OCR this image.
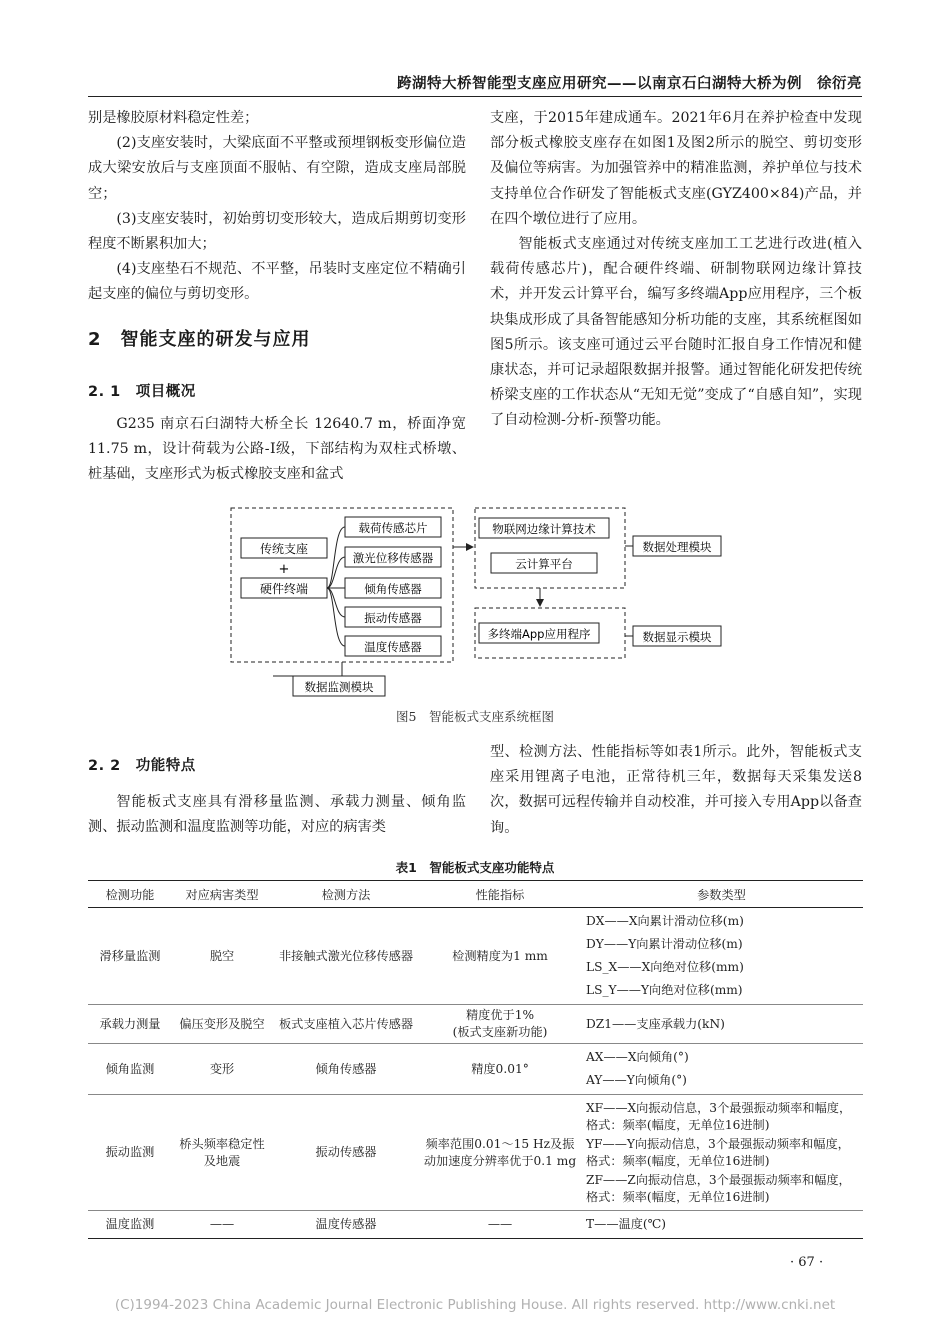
跨湖特大桥智能型支座应用研究——以南京石臼湖特大桥为例　徐衍亮

别是橡胶原材料稳定性差；

(2)支座安装时，大梁底面不平整或预埋钢板变形偏位造成大梁安放后与支座顶面不服帖、有空隙，造成支座局部脱空；

(3)支座安装时，初始剪切变形较大，造成后期剪切变形程度不断累积加大；

(4)支座垫石不规范、不平整，吊装时支座定位不精确引起支座的偏位与剪切变形。

2　智能支座的研发与应用
2. 1　项目概况

G235 南京石臼湖特大桥全长 12640.7 m，桥面净宽 11.75 m，设计荷载为公路-Ⅰ级，下部结构为双柱式桥墩、桩基础，支座形式为板式橡胶支座和盆式

支座，于2015年建成通车。2021年6月在养护检查中发现部分板式橡胶支座存在如图1及图2所示的脱空、剪切变形及偏位等病害。为加强管养中的精准监测，养护单位与技术支持单位合作研发了智能板式支座(GYZ400×84)产品，并在四个墩位进行了应用。

智能板式支座通过对传统支座加工工艺进行改进(植入载荷传感芯片)，配合硬件终端、研制物联网边缘计算技术，并开发云计算平台，编写多终端App应用程序，三个板块集成形成了具备智能感知分析功能的支座，其系统框图如图5所示。该支座可通过云平台随时汇报自身工作情况和健康状态，并可记录超限数据并报警。通过智能化研发把传统桥梁支座的工作状态从“无知无觉”变成了“自感自知”，实现了自动检测-分析-预警功能。

传统支座
+
硬件终端
载荷传感芯片
激光位移传感器
倾角传感器
振动传感器
温度传感器
物联网边缘计算技术
云计算平台
多终端App应用程序
数据处理模块
数据显示模块
数据监测模块
图5　智能板式支座系统框图
2. 2　功能特点

智能板式支座具有滑移量监测、承载力测量、倾角监测、振动监测和温度监测等功能，对应的病害类

型、检测方法、性能指标等如表1所示。此外，智能板式支座采用锂离子电池，正常待机三年，数据每天采集发送8次，数据可远程传输并自动校准，并可接入专用App以备查询。

表1　智能板式支座功能特点
检测功能	对应病害类型	检测方法	性能指标	参数类型
滑移量监测	脱空	非接触式激光位移传感器	检测精度为1 mm	DX——X向累计滑动位移(m)
DY——Y向累计滑动位移(m)
LS_X——X向绝对位移(mm)
LS_Y——Y向绝对位移(mm)

承载力测量	偏压变形及脱空	板式支座植入芯片传感器	精度优于1%
(板式支座新功能)	DZ1——支座承载力(kN)

倾角监测	变形	倾角传感器	精度0.01°	AX——X向倾角(°)
AY——Y向倾角(°)

振动监测	桥头频率稳定性及地震	振动传感器	频率范围0.01～15 Hz及振动加速度分辨率优于0.1 mg	XF——X向振动信息，3个最强振动频率和幅度，格式：频率(幅度，无单位16进制)
YF——Y向振动信息，3个最强振动频率和幅度，格式：频率(幅度，无单位16进制)
ZF——Z向振动信息，3个最强振动频率和幅度，格式：频率(幅度，无单位16进制)

温度监测	——	温度传感器	——	T——温度(℃)
· 67 ·
(C)1994-2023 China Academic Journal Electronic Publishing House. All rights reserved. http://www.cnki.net
